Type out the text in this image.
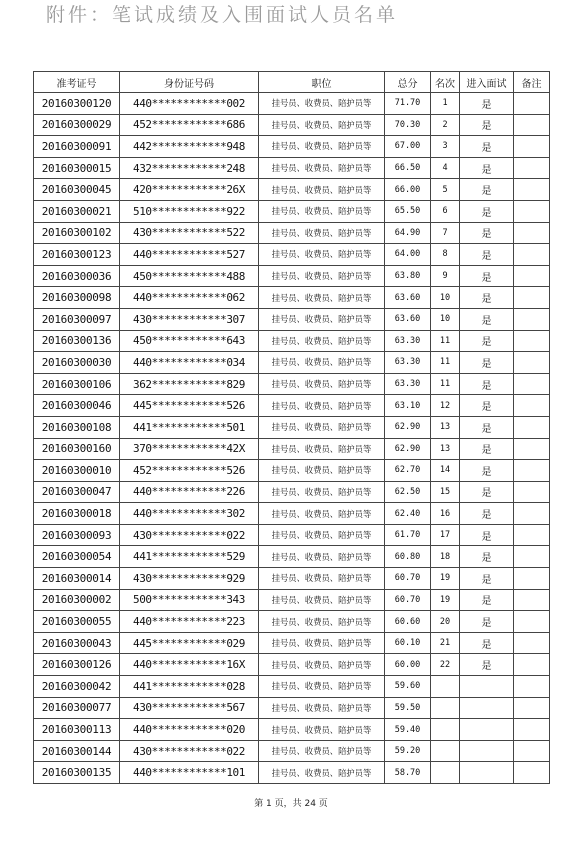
附件：笔试成绩及入围面试人员名单
准考证号	身份证号码	职位	总分	名次	进入面试	备注
20160300120	440************002	挂号员、收费员、陪护员等	71.70	1	是	
20160300029	452************686	挂号员、收费员、陪护员等	70.30	2	是	
20160300091	442************948	挂号员、收费员、陪护员等	67.00	3	是	
20160300015	432************248	挂号员、收费员、陪护员等	66.50	4	是	
20160300045	420************26X	挂号员、收费员、陪护员等	66.00	5	是	
20160300021	510************922	挂号员、收费员、陪护员等	65.50	6	是	
20160300102	430************522	挂号员、收费员、陪护员等	64.90	7	是	
20160300123	440************527	挂号员、收费员、陪护员等	64.00	8	是	
20160300036	450************488	挂号员、收费员、陪护员等	63.80	9	是	
20160300098	440************062	挂号员、收费员、陪护员等	63.60	10	是	
20160300097	430************307	挂号员、收费员、陪护员等	63.60	10	是	
20160300136	450************643	挂号员、收费员、陪护员等	63.30	11	是	
20160300030	440************034	挂号员、收费员、陪护员等	63.30	11	是	
20160300106	362************829	挂号员、收费员、陪护员等	63.30	11	是	
20160300046	445************526	挂号员、收费员、陪护员等	63.10	12	是	
20160300108	441************501	挂号员、收费员、陪护员等	62.90	13	是	
20160300160	370************42X	挂号员、收费员、陪护员等	62.90	13	是	
20160300010	452************526	挂号员、收费员、陪护员等	62.70	14	是	
20160300047	440************226	挂号员、收费员、陪护员等	62.50	15	是	
20160300018	440************302	挂号员、收费员、陪护员等	62.40	16	是	
20160300093	430************022	挂号员、收费员、陪护员等	61.70	17	是	
20160300054	441************529	挂号员、收费员、陪护员等	60.80	18	是	
20160300014	430************929	挂号员、收费员、陪护员等	60.70	19	是	
20160300002	500************343	挂号员、收费员、陪护员等	60.70	19	是	
20160300055	440************223	挂号员、收费员、陪护员等	60.60	20	是	
20160300043	445************029	挂号员、收费员、陪护员等	60.10	21	是	
20160300126	440************16X	挂号员、收费员、陪护员等	60.00	22	是	
20160300042	441************028	挂号员、收费员、陪护员等	59.60			
20160300077	430************567	挂号员、收费员、陪护员等	59.50			
20160300113	440************020	挂号员、收费员、陪护员等	59.40			
20160300144	430************022	挂号员、收费员、陪护员等	59.20			
20160300135	440************101	挂号员、收费员、陪护员等	58.70			
第 1 页，共 24 页
